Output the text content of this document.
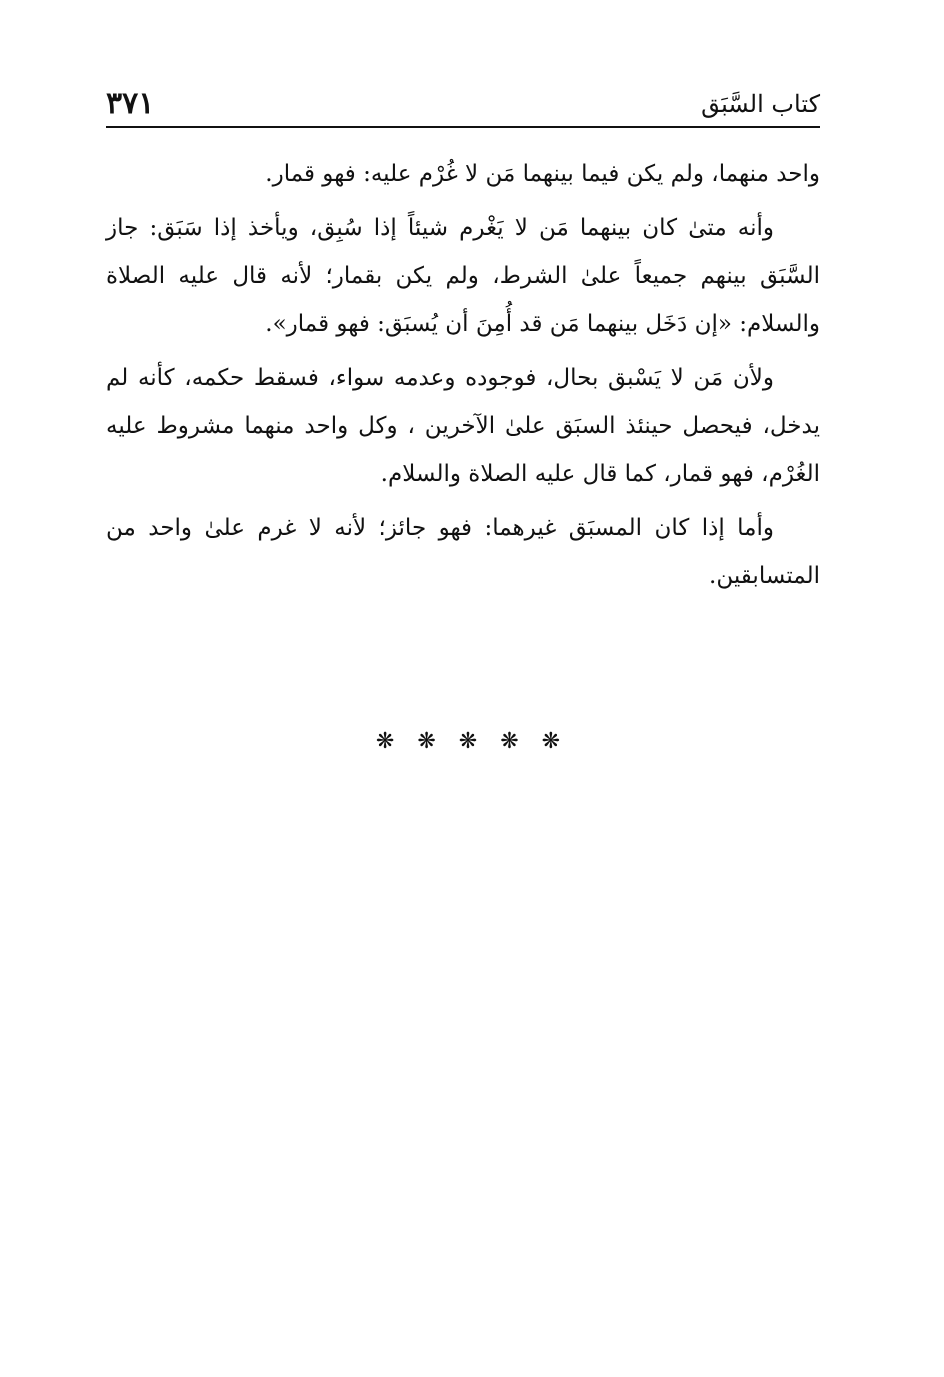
كتاب السَّبَق
٣٧١

واحد منهما، ولم يكن فيما بينهما مَن لا غُرْم عليه: فهو قمار.

وأنه متىٰ كان بينهما مَن لا يَغْرم شيئاً إذا سُبِق، ويأخذ إذا سَبَق: جاز السَّبَق بينهم جميعاً علىٰ الشرط، ولم يكن بقمار؛ لأنه قال عليه الصلاة والسلام: «إن دَخَل بينهما مَن قد أُمِنَ أن يُسبَق: فهو قمار».

ولأن مَن لا يَسْبق بحال، فوجوده وعدمه سواء، فسقط حكمه، كأنه لم يدخل، فيحصل حينئذ السبَق علىٰ الآخرين ، وكل واحد منهما مشروط عليه الغُرْم، فهو قمار، كما قال عليه الصلاة والسلام.

وأما إذا كان المسبَق غيرهما: فهو جائز؛ لأنه لا غرم علىٰ واحد من المتسابقين.

❋ ❋ ❋ ❋ ❋
